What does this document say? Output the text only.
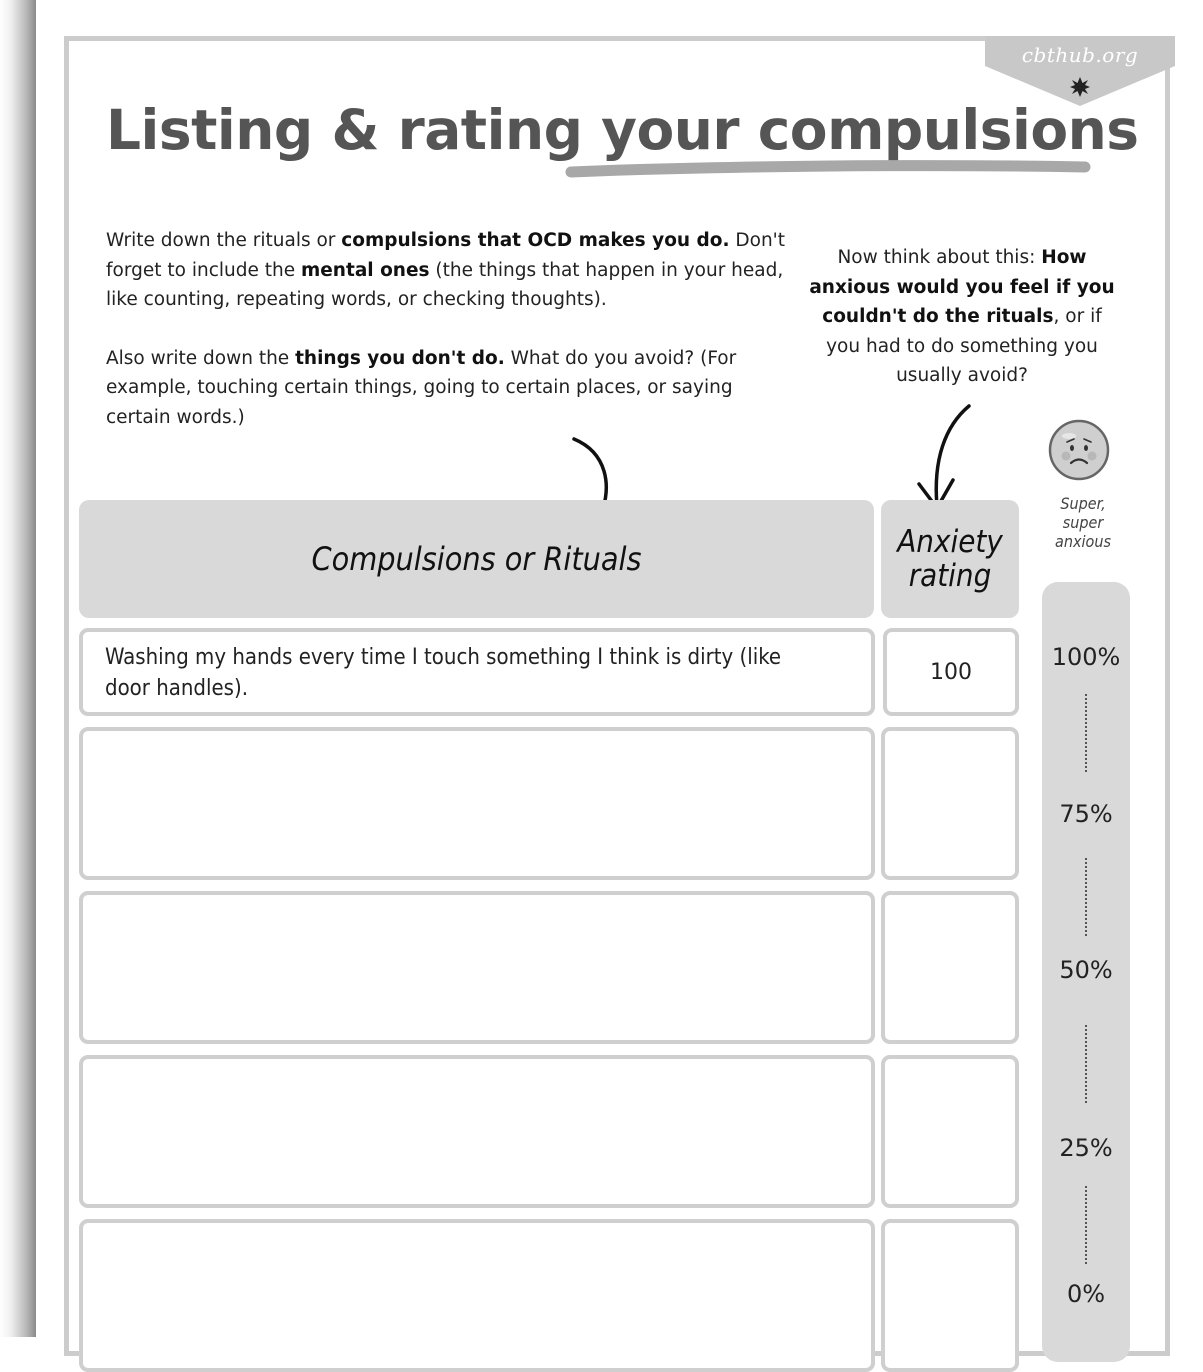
cbthub.org
Listing & rating your compulsions

Write down the rituals or compulsions that OCD makes you do. Don't forget to include the mental ones (the things that happen in your head, like counting, repeating words, or checking thoughts).

Also write down the things you don't do. What do you avoid? (For example, touching certain things, going to certain places, or saying certain words.)

Now think about this: How anxious would you feel if you couldn't do the rituals, or if you had to do something you usually avoid?
Compulsions or Rituals	Anxiety
rating
Washing my hands every time I touch something I think is dirty (like door handles).
100
Super,
super
anxious
100%
75%
50%
25%
0%
